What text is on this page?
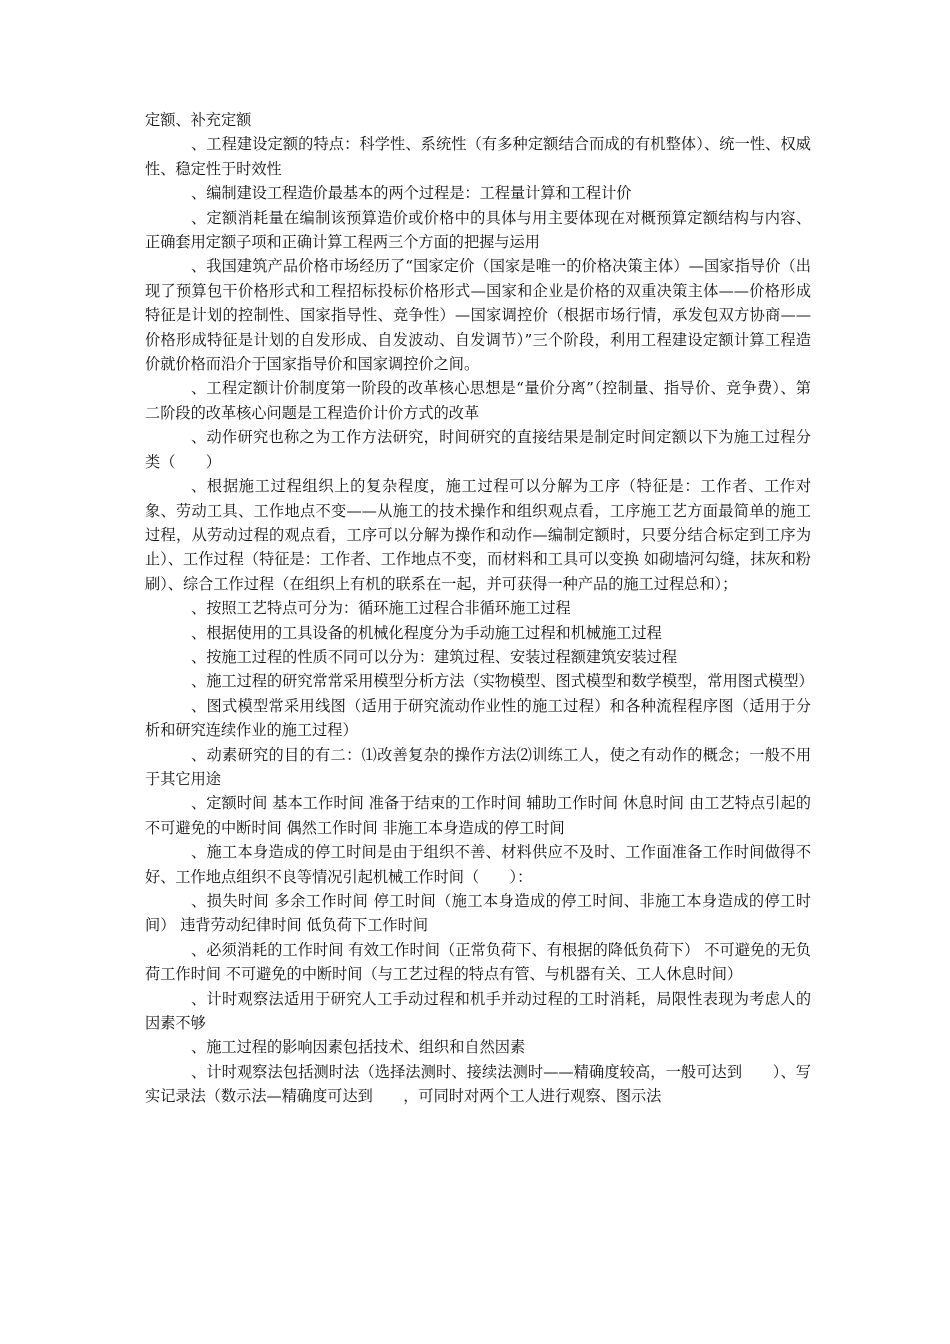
定额、补充定额

、工程建设定额的特点：科学性、系统性（有多种定额结合而成的有机整体）、统一性、权威性、稳定性于时效性

、编制建设工程造价最基本的两个过程是：工程量计算和工程计价

、定额消耗量在编制该预算造价或价格中的具体与用主要体现在对概预算定额结构与内容、正确套用定额子项和正确计算工程两三个方面的把握与运用

、我国建筑产品价格市场经历了“国家定价（国家是唯一的价格决策主体）—国家指导价（出现了预算包干价格形式和工程招标投标价格形式—国家和企业是价格的双重决策主体——价格形成特征是计划的控制性、国家指导性、竞争性）—国家调控价（根据市场行情，承发包双方协商——价格形成特征是计划的自发形成、自发波动、自发调节）”三个阶段，利用工程建设定额计算工程造价就价格而沿介于国家指导价和国家调控价之间。

、工程定额计价制度第一阶段的改革核心思想是“量价分离”（控制量、指导价、竞争费）、第二阶段的改革核心问题是工程造价计价方式的改革

、动作研究也称之为工作方法研究，时间研究的直接结果是制定时间定额以下为施工过程分类（　　）

、根据施工过程组织上的复杂程度，施工过程可以分解为工序（特征是：工作者、工作对象、劳动工具、工作地点不变——从施工的技术操作和组织观点看，工序施工艺方面最简单的施工过程，从劳动过程的观点看，工序可以分解为操作和动作—编制定额时，只要分结合标定到工序为止）、工作过程（特征是：工作者、工作地点不变，而材料和工具可以变换 如砌墙河勾缝，抹灰和粉刷）、综合工作过程（在组织上有机的联系在一起，并可获得一种产品的施工过程总和）；

、按照工艺特点可分为：循环施工过程合非循环施工过程

、根据使用的工具设备的机械化程度分为手动施工过程和机械施工过程

、按施工过程的性质不同可以分为：建筑过程、安装过程额建筑安装过程

、施工过程的研究常常采用模型分析方法（实物模型、图式模型和数学模型，常用图式模型）

、图式模型常采用线图（适用于研究流动作业性的施工过程）和各种流程程序图（适用于分析和研究连续作业的施工过程）

、动素研究的目的有二：⑴改善复杂的操作方法⑵训练工人，使之有动作的概念；一般不用于其它用途

、定额时间 基本工作时间 准备于结束的工作时间 辅助工作时间 休息时间 由工艺特点引起的不可避免的中断时间 偶然工作时间 非施工本身造成的停工时间

、施工本身造成的停工时间是由于组织不善、材料供应不及时、工作面准备工作时间做得不好、工作地点组织不良等情况引起机械工作时间（　　）：

、损失时间 多余工作时间 停工时间（施工本身造成的停工时间、非施工本身造成的停工时间） 违背劳动纪律时间 低负荷下工作时间

、必须消耗的工作时间 有效工作时间（正常负荷下、有根据的降低负荷下） 不可避免的无负荷工作时间 不可避免的中断时间（与工艺过程的特点有管、与机器有关、工人休息时间）

、计时观察法适用于研究人工手动过程和机手并动过程的工时消耗，局限性表现为考虑人的因素不够

、施工过程的影响因素包括技术、组织和自然因素

、计时观察法包括测时法（选择法测时、接续法测时——精确度较高，一般可达到　　）、写实记录法（数示法—精确度可达到　　，可同时对两个工人进行观察、图示法
